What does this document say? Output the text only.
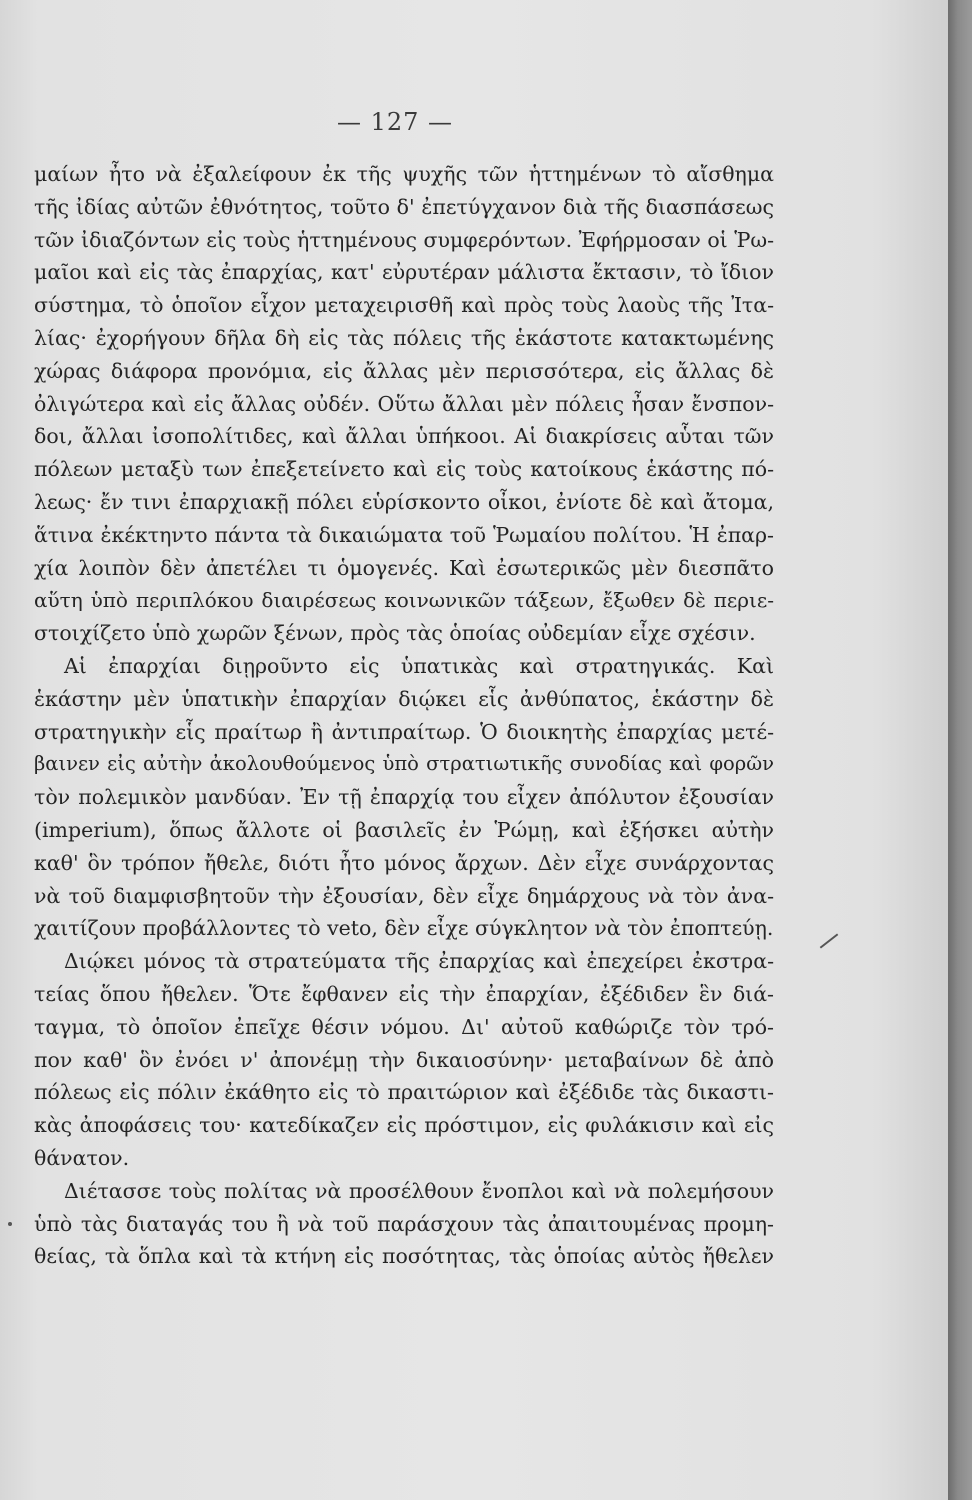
— 127 —
μαίων ἦτο νὰ ἐξαλείφουν ἐκ τῆς ψυχῆς τῶν ἡττημένων τὸ αἴσθημα
τῆς ἰδίας αὐτῶν ἐθνότητος, τοῦτο δ' ἐπετύγχανον διὰ τῆς διασπάσεως
τῶν ἰδιαζόντων εἰς τοὺς ἡττημένους συμφερόντων. Ἐφήρμοσαν οἱ Ῥω-
μαῖοι καὶ εἰς τὰς ἐπαρχίας, κατ' εὐρυτέραν μάλιστα ἔκτασιν, τὸ ἴδιον
σύστημα, τὸ ὁποῖον εἶχον μεταχειρισθῆ καὶ πρὸς τοὺς λαοὺς τῆς Ἰτα-
λίας· ἐχορήγουν δῆλα δὴ εἰς τὰς πόλεις τῆς ἑκάστοτε κατακτωμένης
χώρας διάφορα προνόμια, εἰς ἄλλας μὲν περισσότερα, εἰς ἄλλας δὲ
ὀλιγώτερα καὶ εἰς ἄλλας οὐδέν. Οὕτω ἄλλαι μὲν πόλεις ἦσαν ἔνσπον-
δοι, ἄλλαι ἰσοπολίτιδες, καὶ ἄλλαι ὑπήκοοι. Αἱ διακρίσεις αὗται τῶν
πόλεων μεταξὺ των ἐπεξετείνετο καὶ εἰς τοὺς κατοίκους ἑκάστης πό-
λεως· ἔν τινι ἐπαρχιακῇ πόλει εὑρίσκοντο οἶκοι, ἐνίοτε δὲ καὶ ἄτομα,
ἅτινα ἐκέκτηντο πάντα τὰ δικαιώματα τοῦ Ῥωμαίου πολίτου. Ἡ ἐπαρ-
χία λοιπὸν δὲν ἀπετέλει τι ὁμογενές. Καὶ ἐσωτερικῶς μὲν διεσπᾶτο
αὕτη ὑπὸ περιπλόκου διαιρέσεως κοινωνικῶν τάξεων, ἔξωθεν δὲ περιε-
στοιχίζετο ὑπὸ χωρῶν ξένων, πρὸς τὰς ὁποίας οὐδεμίαν εἶχε σχέσιν.
Αἱ ἐπαρχίαι διῃροῦντο εἰς ὑπατικὰς καὶ στρατηγικάς. Καὶ
ἑκάστην μὲν ὑπατικὴν ἐπαρχίαν διῴκει εἷς ἀνθύπατος, ἑκάστην δὲ
στρατηγικὴν εἷς πραίτωρ ἢ ἀντιπραίτωρ. Ὁ διοικητὴς ἐπαρχίας μετέ-
βαινεν εἰς αὐτὴν ἀκολουθούμενος ὑπὸ στρατιωτικῆς συνοδίας καὶ φορῶν
τὸν πολεμικὸν μανδύαν. Ἐν τῇ ἐπαρχίᾳ του εἶχεν ἀπόλυτον ἐξουσίαν
(imperium), ὅπως ἄλλοτε οἱ βασιλεῖς ἐν Ῥώμῃ, καὶ ἐξήσκει αὐτὴν
καθ' ὃν τρόπον ἤθελε, διότι ἦτο μόνος ἄρχων. Δὲν εἶχε συνάρχοντας
νὰ τοῦ διαμφισβητοῦν τὴν ἐξουσίαν, δὲν εἶχε δημάρχους νὰ τὸν ἀνα-
χαιτίζουν προβάλλοντες τὸ veto, δὲν εἶχε σύγκλητον νὰ τὸν ἐποπτεύῃ.
Διῴκει μόνος τὰ στρατεύματα τῆς ἐπαρχίας καὶ ἐπεχείρει ἐκστρα-
τείας ὅπου ἤθελεν. Ὅτε ἔφθανεν εἰς τὴν ἐπαρχίαν, ἐξέδιδεν ἓν διά-
ταγμα, τὸ ὁποῖον ἐπεῖχε θέσιν νόμου. Δι' αὐτοῦ καθώριζε τὸν τρό-
πον καθ' ὃν ἐνόει ν' ἀπονέμῃ τὴν δικαιοσύνην· μεταβαίνων δὲ ἀπὸ
πόλεως εἰς πόλιν ἐκάθητο εἰς τὸ πραιτώριον καὶ ἐξέδιδε τὰς δικαστι-
κὰς ἀποφάσεις του· κατεδίκαζεν εἰς πρόστιμον, εἰς φυλάκισιν καὶ εἰς
θάνατον.
Διέτασσε τοὺς πολίτας νὰ προσέλθουν ἔνοπλοι καὶ νὰ πολεμήσουν
ὑπὸ τὰς διαταγάς του ἢ νὰ τοῦ παράσχουν τὰς ἀπαιτουμένας προμη-
θείας, τὰ ὅπλα καὶ τὰ κτήνη εἰς ποσότητας, τὰς ὁποίας αὐτὸς ἤθελεν
